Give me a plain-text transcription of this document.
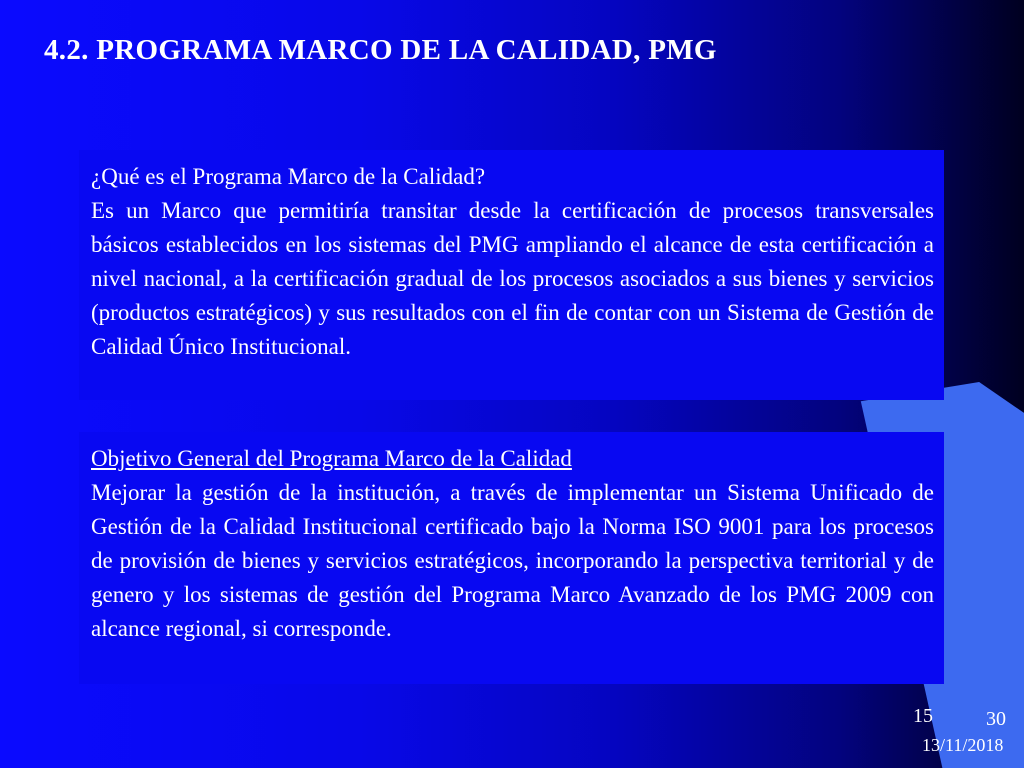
4.2. PROGRAMA MARCO DE LA CALIDAD, PMG
¿Qué es el Programa Marco de la Calidad?

Es un Marco que permitiría transitar desde la certificación de procesos transversales básicos establecidos en los sistemas del PMG ampliando el alcance de esta certificación a nivel nacional, a la certificación gradual de los procesos asociados a sus bienes y servicios (productos estratégicos) y sus resultados con el fin de contar con un Sistema de Gestión de Calidad Único Institucional.

Objetivo General del Programa Marco de la Calidad

Mejorar la gestión de la institución, a través de implementar un Sistema Unificado de Gestión de la Calidad Institucional certificado bajo la Norma ISO 9001 para los procesos de provisión de bienes y servicios estratégicos, incorporando la perspectiva territorial y de genero y los sistemas de gestión del Programa Marco Avanzado de los PMG 2009 con alcance regional, si corresponde.

15	30
13/11/2018
